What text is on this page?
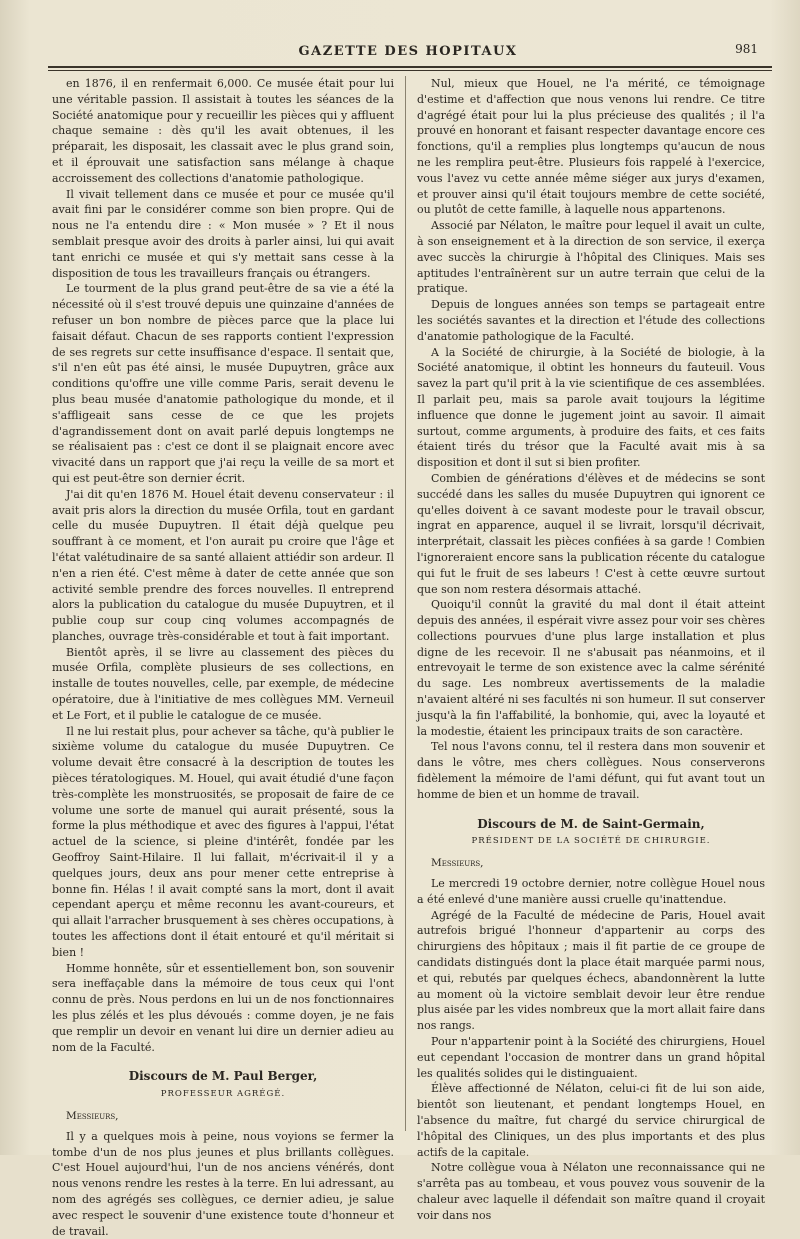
GAZETTE DES HOPITAUX	981

en 1876, il en renfermait 6,000. Ce musée était pour lui une véritable passion. Il assistait à toutes les séances de la Société anatomique pour y recueillir les pièces qui y affluent chaque semaine : dès qu'il les avait obtenues, il les préparait, les disposait, les classait avec le plus grand soin, et il éprouvait une satisfaction sans mélange à chaque accroissement des collections d'anatomie pathologique.

Il vivait tellement dans ce musée et pour ce musée qu'il avait fini par le considérer comme son bien propre. Qui de nous ne l'a entendu dire : « Mon musée » ? Et il nous semblait presque avoir des droits à parler ainsi, lui qui avait tant enrichi ce musée et qui s'y mettait sans cesse à la disposition de tous les travailleurs français ou étrangers.

Le tourment de la plus grand peut-être de sa vie a été la nécessité où il s'est trouvé depuis une quinzaine d'années de refuser un bon nombre de pièces parce que la place lui faisait défaut. Chacun de ses rapports contient l'expression de ses regrets sur cette insuffisance d'espace. Il sentait que, s'il n'en eût pas été ainsi, le musée Dupuytren, grâce aux conditions qu'offre une ville comme Paris, serait devenu le plus beau musée d'anatomie pathologique du monde, et il s'affligeait sans cesse de ce que les projets d'agrandissement dont on avait parlé depuis longtemps ne se réalisaient pas : c'est ce dont il se plaignait encore avec vivacité dans un rapport que j'ai reçu la veille de sa mort et qui est peut-être son dernier écrit.

J'ai dit qu'en 1876 M. Houel était devenu conservateur : il avait pris alors la direction du musée Orfila, tout en gardant celle du musée Dupuytren. Il était déjà quelque peu souffrant à ce moment, et l'on aurait pu croire que l'âge et l'état valétudinaire de sa santé allaient attiédir son ardeur. Il n'en a rien été. C'est même à dater de cette année que son activité semble prendre des forces nouvelles. Il entreprend alors la publication du catalogue du musée Dupuytren, et il publie coup sur coup cinq volumes accompagnés de planches, ouvrage très-considérable et tout à fait important.

Bientôt après, il se livre au classement des pièces du musée Orfila, complète plusieurs de ses collections, en installe de toutes nouvelles, celle, par exemple, de médecine opératoire, due à l'initiative de mes collègues MM. Verneuil et Le Fort, et il publie le catalogue de ce musée.

Il ne lui restait plus, pour achever sa tâche, qu'à publier le sixième volume du catalogue du musée Dupuytren. Ce volume devait être consacré à la description de toutes les pièces tératologiques. M. Houel, qui avait étudié d'une façon très-complète les monstruosités, se proposait de faire de ce volume une sorte de manuel qui aurait présenté, sous la forme la plus méthodique et avec des figures à l'appui, l'état actuel de la science, si pleine d'intérêt, fondée par les Geoffroy Saint-Hilaire. Il lui fallait, m'écrivait-il il y a quelques jours, deux ans pour mener cette entreprise à bonne fin. Hélas ! il avait compté sans la mort, dont il avait cependant aperçu et même reconnu les avant-coureurs, et qui allait l'arracher brusquement à ses chères occupations, à toutes les affections dont il était entouré et qu'il méritait si bien !

Homme honnête, sûr et essentiellement bon, son souvenir sera ineffaçable dans la mémoire de tous ceux qui l'ont connu de près. Nous perdons en lui un de nos fonctionnaires les plus zélés et les plus dévoués : comme doyen, je ne fais que remplir un devoir en venant lui dire un dernier adieu au nom de la Faculté.

Discours de M. Paul Berger,
PROFESSEUR AGRÉGÉ.
Messieurs,

Il y a quelques mois à peine, nous voyions se fermer la tombe d'un de nos plus jeunes et plus brillants collègues. C'est Houel aujourd'hui, l'un de nos anciens vénérés, dont nous venons rendre les restes à la terre. En lui adressant, au nom des agrégés ses collègues, ce dernier adieu, je salue avec respect le souvenir d'une existence toute d'honneur et de travail.

Nul, mieux que Houel, ne l'a mérité, ce témoignage d'estime et d'affection que nous venons lui rendre. Ce titre d'agrégé était pour lui la plus précieuse des qualités ; il l'a prouvé en honorant et faisant respecter davantage encore ces fonctions, qu'il a remplies plus longtemps qu'aucun de nous ne les remplira peut-être. Plusieurs fois rappelé à l'exercice, vous l'avez vu cette année même siéger aux jurys d'examen, et prouver ainsi qu'il était toujours membre de cette société, ou plutôt de cette famille, à laquelle nous appartenons.

Associé par Nélaton, le maître pour lequel il avait un culte, à son enseignement et à la direction de son service, il exerça avec succès la chirurgie à l'hôpital des Cliniques. Mais ses aptitudes l'entraînèrent sur un autre terrain que celui de la pratique.

Depuis de longues années son temps se partageait entre les sociétés savantes et la direction et l'étude des collections d'anatomie pathologique de la Faculté.

A la Société de chirurgie, à la Société de biologie, à la Société anatomique, il obtint les honneurs du fauteuil. Vous savez la part qu'il prit à la vie scientifique de ces assemblées. Il parlait peu, mais sa parole avait toujours la légitime influence que donne le jugement joint au savoir. Il aimait surtout, comme arguments, à produire des faits, et ces faits étaient tirés du trésor que la Faculté avait mis à sa disposition et dont il sut si bien profiter.

Combien de générations d'élèves et de médecins se sont succédé dans les salles du musée Dupuytren qui ignorent ce qu'elles doivent à ce savant modeste pour le travail obscur, ingrat en apparence, auquel il se livrait, lorsqu'il décrivait, interprétait, classait les pièces confiées à sa garde ! Combien l'ignoreraient encore sans la publication récente du catalogue qui fut le fruit de ses labeurs ! C'est à cette œuvre surtout que son nom restera désormais attaché.

Quoiqu'il connût la gravité du mal dont il était atteint depuis des années, il espérait vivre assez pour voir ses chères collections pourvues d'une plus large installation et plus digne de les recevoir. Il ne s'abusait pas néanmoins, et il entrevoyait le terme de son existence avec la calme sérénité du sage. Les nombreux avertissements de la maladie n'avaient altéré ni ses facultés ni son humeur. Il sut conserver jusqu'à la fin l'affabilité, la bonhomie, qui, avec la loyauté et la modestie, étaient les principaux traits de son caractère.

Tel nous l'avons connu, tel il restera dans mon souvenir et dans le vôtre, mes chers collègues. Nous conserverons fidèlement la mémoire de l'ami défunt, qui fut avant tout un homme de bien et un homme de travail.

Discours de M. de Saint-Germain,
PRÉSIDENT DE LA SOCIÉTÉ DE CHIRURGIE.
Messieurs,

Le mercredi 19 octobre dernier, notre collègue Houel nous a été enlevé d'une manière aussi cruelle qu'inattendue.

Agrégé de la Faculté de médecine de Paris, Houel avait autrefois brigué l'honneur d'appartenir au corps des chirurgiens des hôpitaux ; mais il fit partie de ce groupe de candidats distingués dont la place était marquée parmi nous, et qui, rebutés par quelques échecs, abandonnèrent la lutte au moment où la victoire semblait devoir leur être rendue plus aisée par les vides nombreux que la mort allait faire dans nos rangs.

Pour n'appartenir point à la Société des chirurgiens, Houel eut cependant l'occasion de montrer dans un grand hôpital les qualités solides qui le distinguaient.

Élève affectionné de Nélaton, celui-ci fit de lui son aide, bientôt son lieutenant, et pendant longtemps Houel, en l'absence du maître, fut chargé du service chirurgical de l'hôpital des Cliniques, un des plus importants et des plus actifs de la capitale.

Notre collègue voua à Nélaton une reconnaissance qui ne s'arrêta pas au tombeau, et vous pouvez vous souvenir de la chaleur avec laquelle il défendait son maître quand il croyait voir dans nos
